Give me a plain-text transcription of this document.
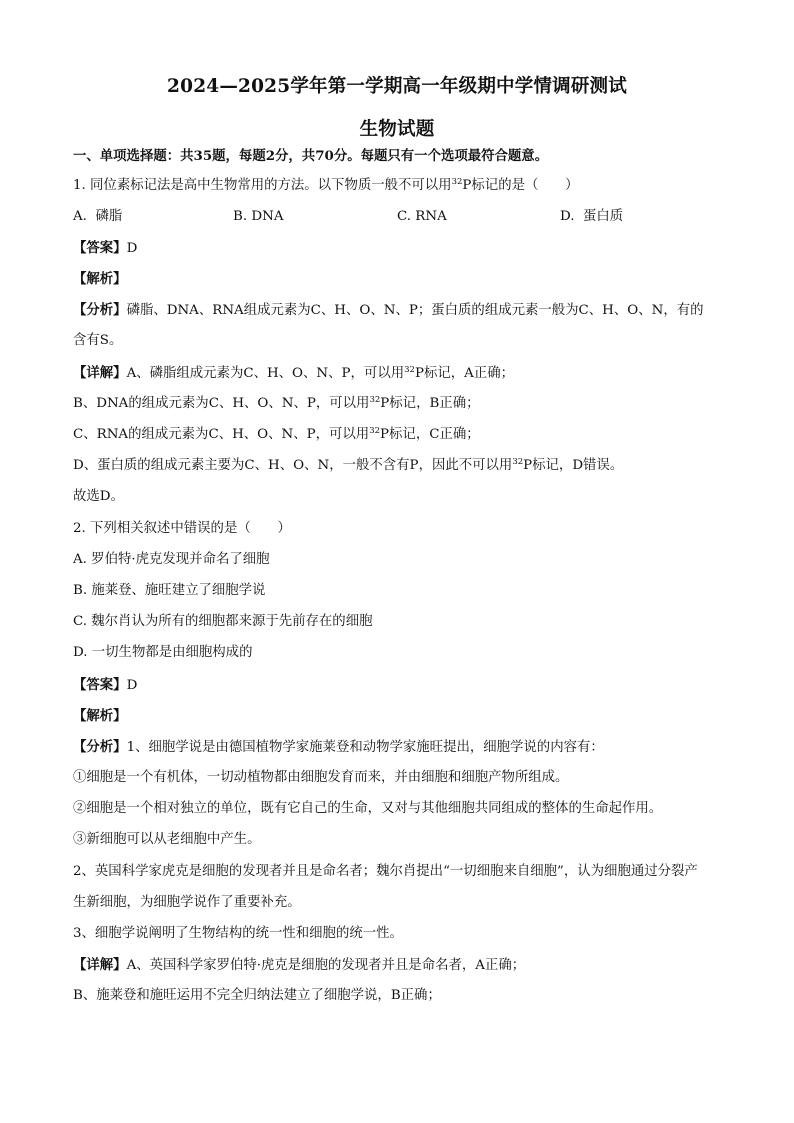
2024—2025学年第一学期高一年级期中学情调研测试
生物试题
一、单项选择题：共35题，每题2分，共70分。每题只有一个选项最符合题意。
1. 同位素标记法是高中生物常用的方法。以下物质一般不可以用$^{32}$P标记的是（　　）
A. 磷脂	B. DNA	C. RNA	D. 蛋白质
【答案】D
【解析】
【分析】磷脂、DNA、RNA组成元素为C、H、O、N、P；蛋白质的组成元素一般为C、H、O、N，有的
含有S。
【详解】A、磷脂组成元素为C、H、O、N、P，可以用$^{32}$P标记，A正确；
B、DNA的组成元素为C、H、O、N、P，可以用$^{32}$P标记，B正确；
C、RNA的组成元素为C、H、O、N、P，可以用$^{32}$P标记，C正确；
D、蛋白质的组成元素主要为C、H、O、N，一般不含有P，因此不可以用$^{32}$P标记，D错误。
故选D。
2. 下列相关叙述中错误的是（　　）
A. 罗伯特·虎克发现并命名了细胞
B. 施莱登、施旺建立了细胞学说
C. 魏尔肖认为所有的细胞都来源于先前存在的细胞
D. 一切生物都是由细胞构成的
【答案】D
【解析】
【分析】1、细胞学说是由德国植物学家施莱登和动物学家施旺提出，细胞学说的内容有：
①细胞是一个有机体，一切动植物都由细胞发育而来，并由细胞和细胞产物所组成。
②细胞是一个相对独立的单位，既有它自己的生命，又对与其他细胞共同组成的整体的生命起作用。
③新细胞可以从老细胞中产生。
2、英国科学家虎克是细胞的发现者并且是命名者；魏尔肖提出“一切细胞来自细胞”，认为细胞通过分裂产
生新细胞，为细胞学说作了重要补充。
3、细胞学说阐明了生物结构的统一性和细胞的统一性。
【详解】A、英国科学家罗伯特·虎克是细胞的发现者并且是命名者，A正确；
B、施莱登和施旺运用不完全归纳法建立了细胞学说，B正确；
